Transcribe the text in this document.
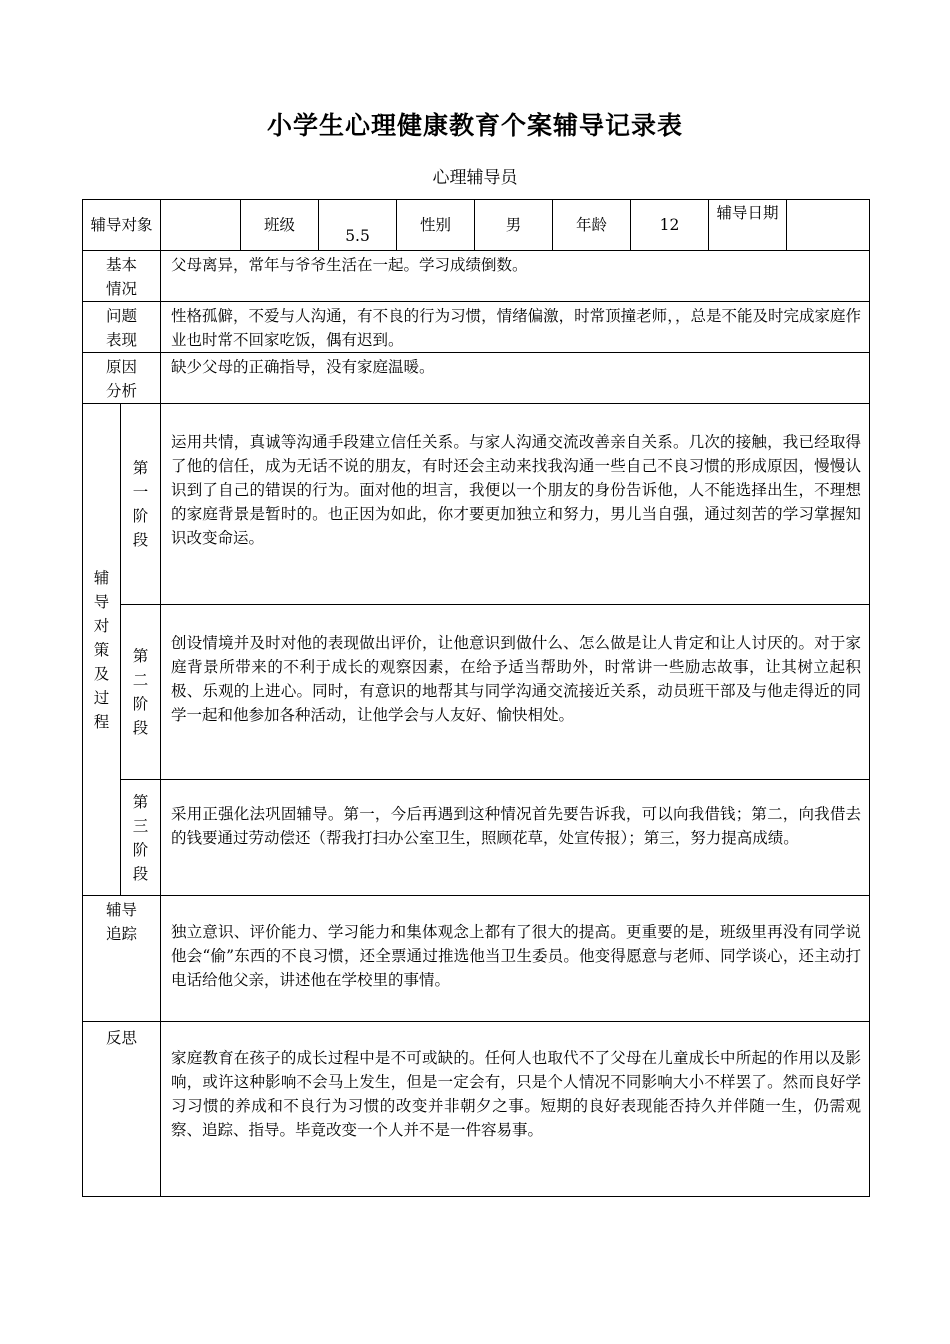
小学生心理健康教育个案辅导记录表
心理辅导员
辅导对象			班级	5.5	性别	男	年龄	12	辅导日期	
基本情况		父母离异，常年与爷爷生活在一起。学习成绩倒数。								
问题表现		性格孤僻，不爱与人沟通，有不良的行为习惯，情绪偏激，时常顶撞老师，，总是不能及时完成家庭作业也时常不回家吃饭，偶有迟到。								
原因分析		缺少父母的正确指导，没有家庭温暖。								
辅导对策及过程	第一阶段	运用共情，真诚等沟通手段建立信任关系。与家人沟通交流改善亲自关系。几次的接触，我已经取得了他的信任，成为无话不说的朋友，有时还会主动来找我沟通一些自己不良习惯的形成原因，慢慢认识到了自己的错误的行为。面对他的坦言，我便以一个朋友的身份告诉他，人不能选择出生，不理想的家庭背景是暂时的。也正因为如此，你才要更加独立和努力，男儿当自强，通过刻苦的学习掌握知识改变命运。								
	第二阶段	创设情境并及时对他的表现做出评价，让他意识到做什么、怎么做是让人肯定和让人讨厌的。对于家庭背景所带来的不利于成长的观察因素，在给予适当帮助外，时常讲一些励志故事，让其树立起积极、乐观的上进心。同时，有意识的地帮其与同学沟通交流接近关系，动员班干部及与他走得近的同学一起和他参加各种活动，让他学会与人友好、愉快相处。								
	第三阶段	采用正强化法巩固辅导。第一，今后再遇到这种情况首先要告诉我，可以向我借钱；第二，向我借去的钱要通过劳动偿还（帮我打扫办公室卫生，照顾花草，处宣传报）；第三，努力提高成绩。								
辅导追踪		独立意识、评价能力、学习能力和集体观念上都有了很大的提高。更重要的是，班级里再没有同学说他会“偷”东西的不良习惯，还全票通过推选他当卫生委员。他变得愿意与老师、同学谈心，还主动打电话给他父亲，讲述他在学校里的事情。								
反思		家庭教育在孩子的成长过程中是不可或缺的。任何人也取代不了父母在儿童成长中所起的作用以及影响，或许这种影响不会马上发生，但是一定会有，只是个人情况不同影响大小不样罢了。然而良好学习习惯的养成和不良行为习惯的改变并非朝夕之事。短期的良好表现能否持久并伴随一生，仍需观察、追踪、指导。毕竟改变一个人并不是一件容易事。								
